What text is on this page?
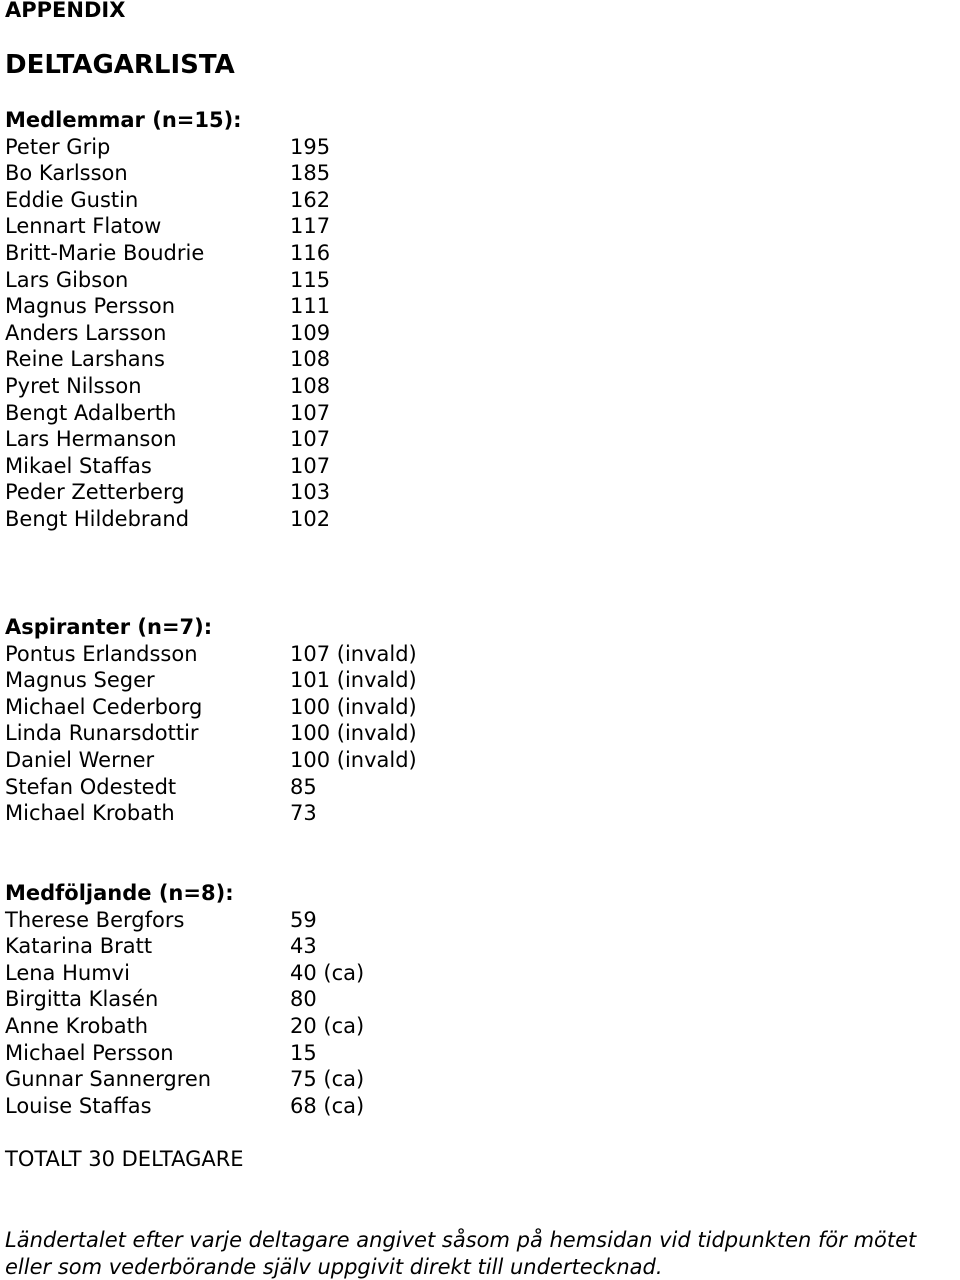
APPENDIX
DELTAGARLISTA
Medlemmar (n=15):
Peter Grip	195
Bo Karlsson	185
Eddie Gustin	162
Lennart Flatow	117
Britt-Marie Boudrie	116
Lars Gibson	115
Magnus Persson	111
Anders Larsson	109
Reine Larshans	108
Pyret Nilsson	108
Bengt Adalberth	107
Lars Hermanson	107
Mikael Staffas	107
Peder Zetterberg	103
Bengt Hildebrand	102
Aspiranter (n=7):
Pontus Erlandsson	107 (invald)
Magnus Seger	101 (invald)
Michael Cederborg	100 (invald)
Linda Runarsdottir	100 (invald)
Daniel Werner	100 (invald)
Stefan Odestedt	85
Michael Krobath	73
Medföljande (n=8):
Therese Bergfors	59
Katarina Bratt	43
Lena Humvi	40 (ca)
Birgitta Klasén	80
Anne Krobath	20 (ca)
Michael Persson	15
Gunnar Sannergren	75 (ca)
Louise Staffas	68 (ca)
TOTALT 30 DELTAGARE
Ländertalet efter varje deltagare angivet såsom på hemsidan vid tidpunkten för mötet eller som vederbörande själv uppgivit direkt till undertecknad.
